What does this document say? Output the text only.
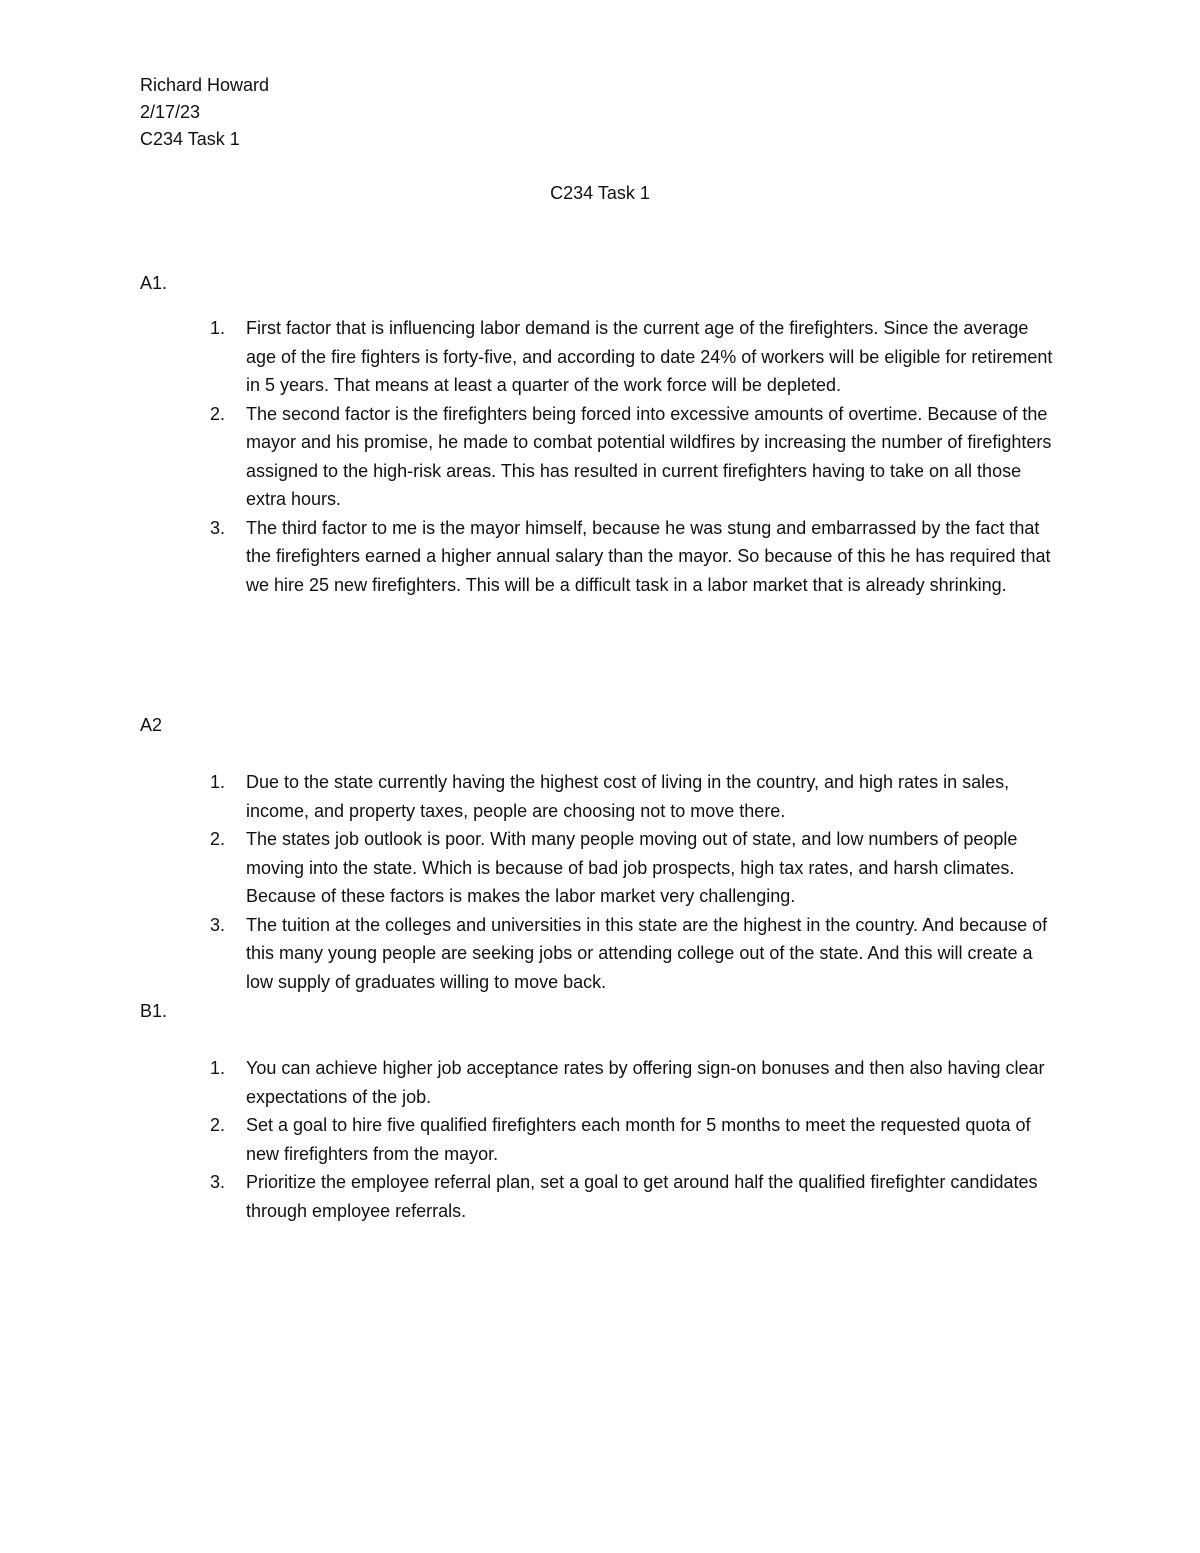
Richard Howard
2/17/23
C234 Task 1
C234 Task 1
A1.
1.	First factor that is influencing labor demand is the current age of the firefighters. Since the average age of the fire fighters is forty-five, and according to date 24% of workers will be eligible for retirement in 5 years. That means at least a quarter of the work force will be depleted.
2.	The second factor is the firefighters being forced into excessive amounts of overtime. Because of the mayor and his promise, he made to combat potential wildfires by increasing the number of firefighters assigned to the high-risk areas. This has resulted in current firefighters having to take on all those extra hours.
3.	The third factor to me is the mayor himself, because he was stung and embarrassed by the fact that the firefighters earned a higher annual salary than the mayor. So because of this he has required that we hire 25 new firefighters. This will be a difficult task in a labor market that is already shrinking.
A2
1.	Due to the state currently having the highest cost of living in the country, and high rates in sales, income, and property taxes, people are choosing not to move there.
2.	The states job outlook is poor. With many people moving out of state, and low numbers of people moving into the state. Which is because of bad job prospects, high tax rates, and harsh climates. Because of these factors is makes the labor market very challenging.
3.	The tuition at the colleges and universities in this state are the highest in the country. And because of this many young people are seeking jobs or attending college out of the state. And this will create a low supply of graduates willing to move back.
B1.
1.	You can achieve higher job acceptance rates by offering sign-on bonuses and then also having clear expectations of the job.
2.	Set a goal to hire five qualified firefighters each month for 5 months to meet the requested quota of new firefighters from the mayor.
3.	Prioritize the employee referral plan, set a goal to get around half the qualified firefighter candidates through employee referrals.
